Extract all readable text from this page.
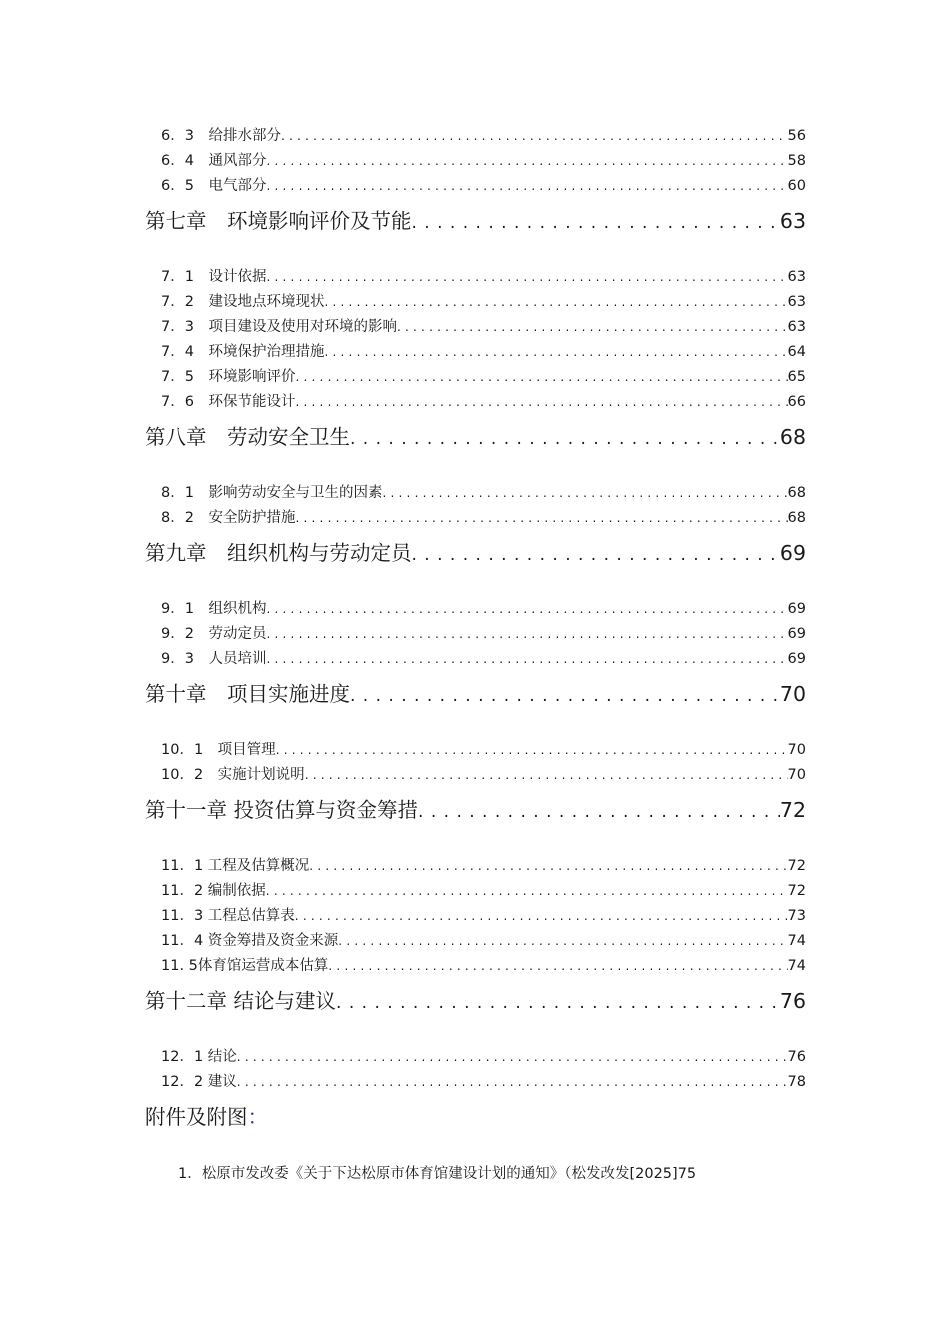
6．3　给排水部分 . . .	56
6．4　通风部分 . . .	58
6．5　电气部分 . . .	60
第七章　环境影响评价及节能 . . .	63
7．1　设计依据 . . .	63
7．2　建设地点环境现状 . . .	63
7．3　项目建设及使用对环境的影响 . . .	63
7．4　环境保护治理措施 . . .	64
7．5　环境影响评价 . . .	65
7．6　环保节能设计 . . .	66
第八章　劳动安全卫生 . . .	68
8．1　影响劳动安全与卫生的因素 . . .	68
8．2　安全防护措施 . . .	68
第九章　组织机构与劳动定员 . . .	69
9．1　组织机构 . . .	69
9．2　劳动定员 . . .	69
9．3　人员培训 . . .	69
第十章　项目实施进度 . . .	70
10．1　项目管理 . . .	70
10．2　实施计划说明 . . .	70
第十一章 投资估算与资金筹措 . . .	72
11．1 工程及估算概况 . . .	72
11．2 编制依据 . . .	72
11．3 工程总估算表 . . .	73
11．4 资金筹措及资金来源 . . .	74
11. 5体育馆运营成本估算 . . .	74
第十二章 结论与建议 . . .	76
12．1 结论 . . .	76
12．2 建议 . . .	78
附件及附图：
1．松原市发改委《关于下达松原市体育馆建设计划的通知》（松发改发[2025]75
